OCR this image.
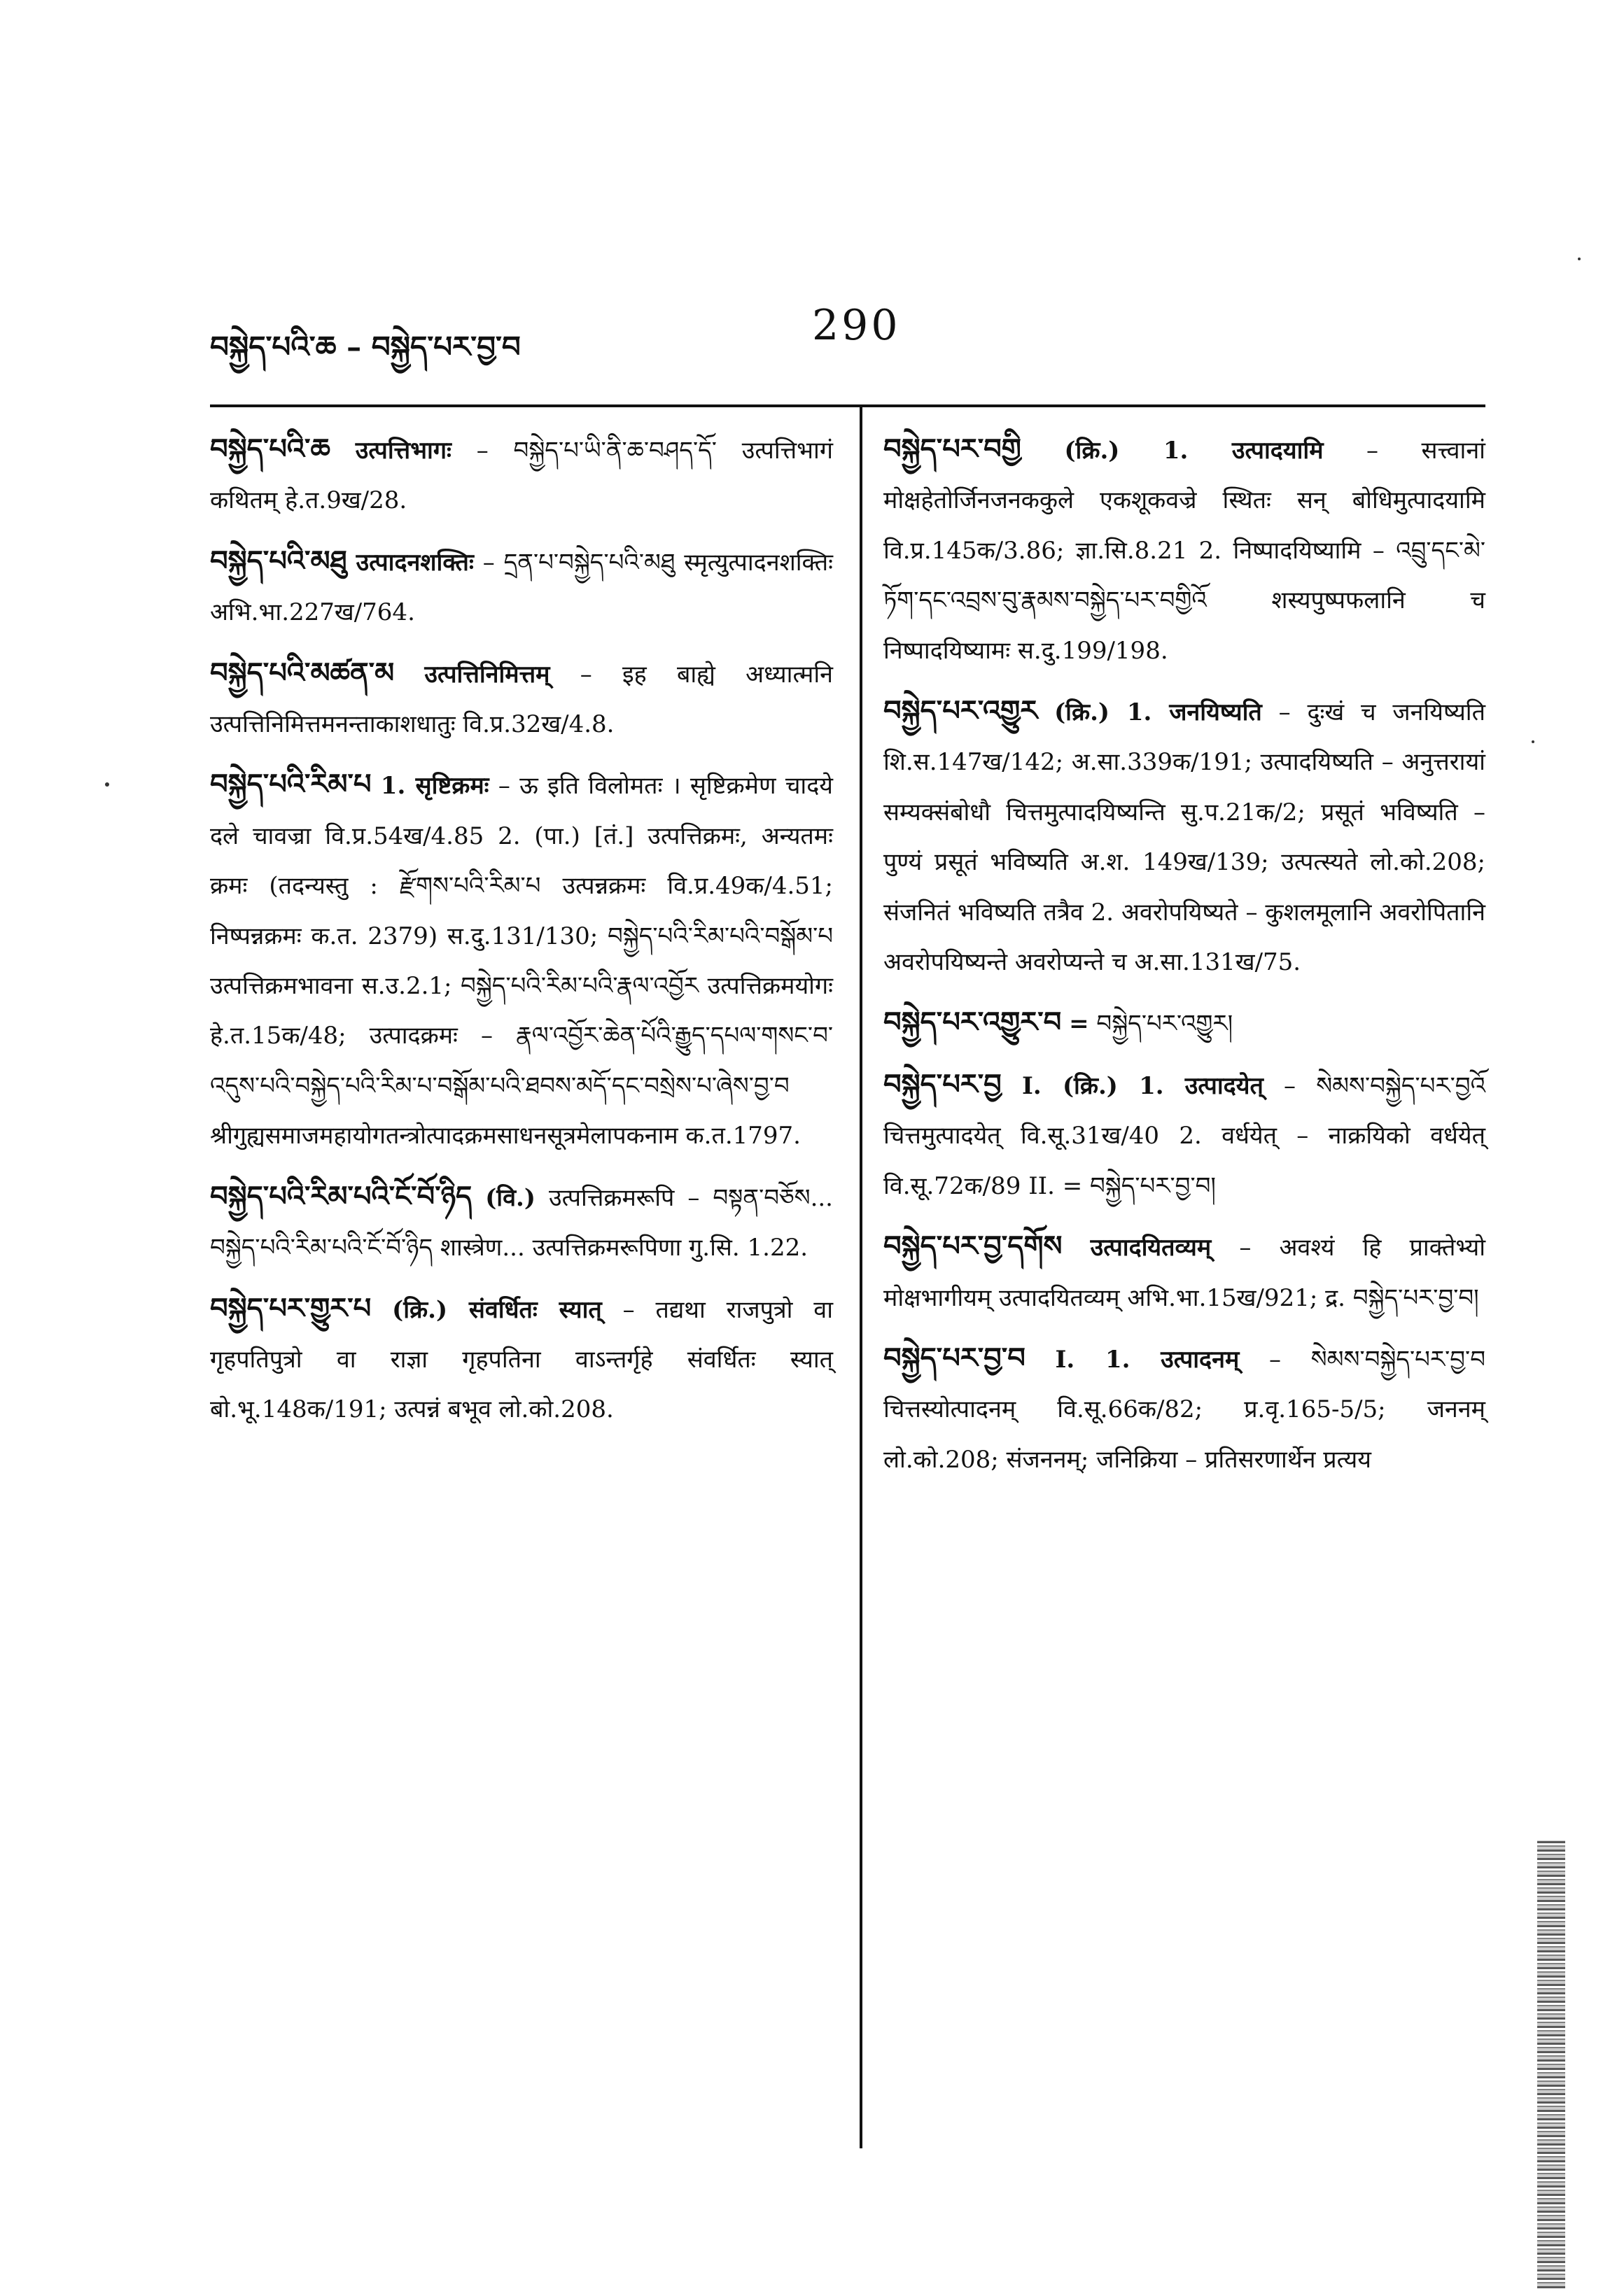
བསྐྱེད་པའི་ཆ – བསྐྱེད་པར་བྱ་བ	290
བསྐྱེད་པའི་ཆ उत्पत्तिभागः – བསྐྱེད་པ་ཡི་ནི་ཆ་བཤད་དོ་ उत्पत्तिभागं कथितम् हे.त.9ख/28.
བསྐྱེད་པའི་མཐུ उत्पादनशक्तिः – དྲན་པ་བསྐྱེད་པའི་མཐུ स्मृत्युत्पादनशक्तिः अभि.भा.227ख/764.
བསྐྱེད་པའི་མཚན་མ उत्पत्तिनिमित्तम् – इह बाह्ये अध्यात्मनि उत्पत्तिनिमित्तमनन्ताकाशधातुः वि.प्र.32ख/4.8.
བསྐྱེད་པའི་རིམ་པ 1. सृष्टिक्रमः – ऊ इति विलोमतः । सृष्टिक्रमेण चादये दले चावज्रा वि.प्र.54ख/4.85 2. (पा.) [तं.] उत्पत्तिक्रमः, अन्यतमः क्रमः (तदन्यस्तु : རྫོགས་པའི་རིམ་པ उत्पन्नक्रमः वि.प्र.49क/4.51; निष्पन्नक्रमः क.त. 2379) स.दु.131/130; བསྐྱེད་པའི་རིམ་པའི་བསྒོམ་པ उत्पत्तिक्रमभावना स.उ.2.1; བསྐྱེད་པའི་རིམ་པའི་རྣལ་འབྱོར उत्पत्तिक्रमयोगः हे.त.15क/48; उत्पादक्रमः – རྣལ་འབྱོར་ཆེན་པོའི་རྒྱུད་དཔལ་གསང་བ་འདུས་པའི་བསྐྱེད་པའི་རིམ་པ་བསྒོམ་པའི་ཐབས་མདོ་དང་བསྲེས་པ་ཞེས་བྱ་བ श्रीगुह्यसमाजमहायोगतन्त्रोत्पादक्रमसाधनसूत्रमेलापकनाम क.त.1797.
བསྐྱེད་པའི་རིམ་པའི་ངོ་བོ་ཉིད (वि.) उत्पत्तिक्रमरूपि – བསྟན་བཅོས... བསྐྱེད་པའི་རིམ་པའི་ངོ་བོ་ཉིད शास्त्रेण... उत्पत्तिक्रमरूपिणा गु.सि. 1.22.
བསྐྱེད་པར་གྱུར་པ (क्रि.) संवर्धितः स्यात् – तद्यथा राजपुत्रो वा गृहपतिपुत्रो वा राज्ञा गृहपतिना वाऽन्तर्गृहे संवर्धितः स्यात् बो.भू.148क/191; उत्पन्नं बभूव लो.को.208.
བསྐྱེད་པར་བགྱི (क्रि.) 1. उत्पादयामि – सत्त्वानां मोक्षहेतोर्जिनजनककुले एकशूकवज्रे स्थितः सन् बोधिमुत्पादयामि वि.प्र.145क/3.86; ज्ञा.सि.8.21 2. निष्पादयिष्यामि – འབྲུ་དང་མེ་ཏོག་དང་འབྲས་བུ་རྣམས་བསྐྱེད་པར་བགྱིའོ शस्यपुष्पफलानि च निष्पादयिष्यामः स.दु.199/198.
བསྐྱེད་པར་འགྱུར (क्रि.) 1. जनयिष्यति – दुःखं च जनयिष्यति शि.स.147ख/142; अ.सा.339क/191; उत्पादयिष्यति – अनुत्तरायां सम्यक्संबोधौ चित्तमुत्पादयिष्यन्ति सु.प.21क/2; प्रसूतं भविष्यति – पुण्यं प्रसूतं भविष्यति अ.श. 149ख/139; उत्पत्स्यते लो.को.208; संजनितं भविष्यति तत्रैव 2. अवरोपयिष्यते – कुशलमूलानि अवरोपितानि अवरोपयिष्यन्ते अवरोप्यन्ते च अ.सा.131ख/75.
བསྐྱེད་པར་འགྱུར་བ = བསྐྱེད་པར་འགྱུར།
བསྐྱེད་པར་བྱ I. (क्रि.) 1. उत्पादयेत् – སེམས་བསྐྱེད་པར་བྱའོ चित्तमुत्पादयेत् वि.सू.31ख/40 2. वर्धयेत् – नाक्रयिको वर्धयेत् वि.सू.72क/89 II. = བསྐྱེད་པར་བྱ་བ།
བསྐྱེད་པར་བྱ་དགོས उत्पादयितव्यम् – अवश्यं हि प्राक्तेभ्यो मोक्षभागीयम् उत्पादयितव्यम् अभि.भा.15ख/921; द्र. བསྐྱེད་པར་བྱ་བ།
བསྐྱེད་པར་བྱ་བ I. 1. उत्पादनम् – སེམས་བསྐྱེད་པར་བྱ་བ चित्तस्योत्पादनम् वि.सू.66क/82; प्र.वृ.165-5/5; जननम् लो.को.208; संजननम्; जनिक्रिया – प्रतिसरणार्थेन प्रत्यय
